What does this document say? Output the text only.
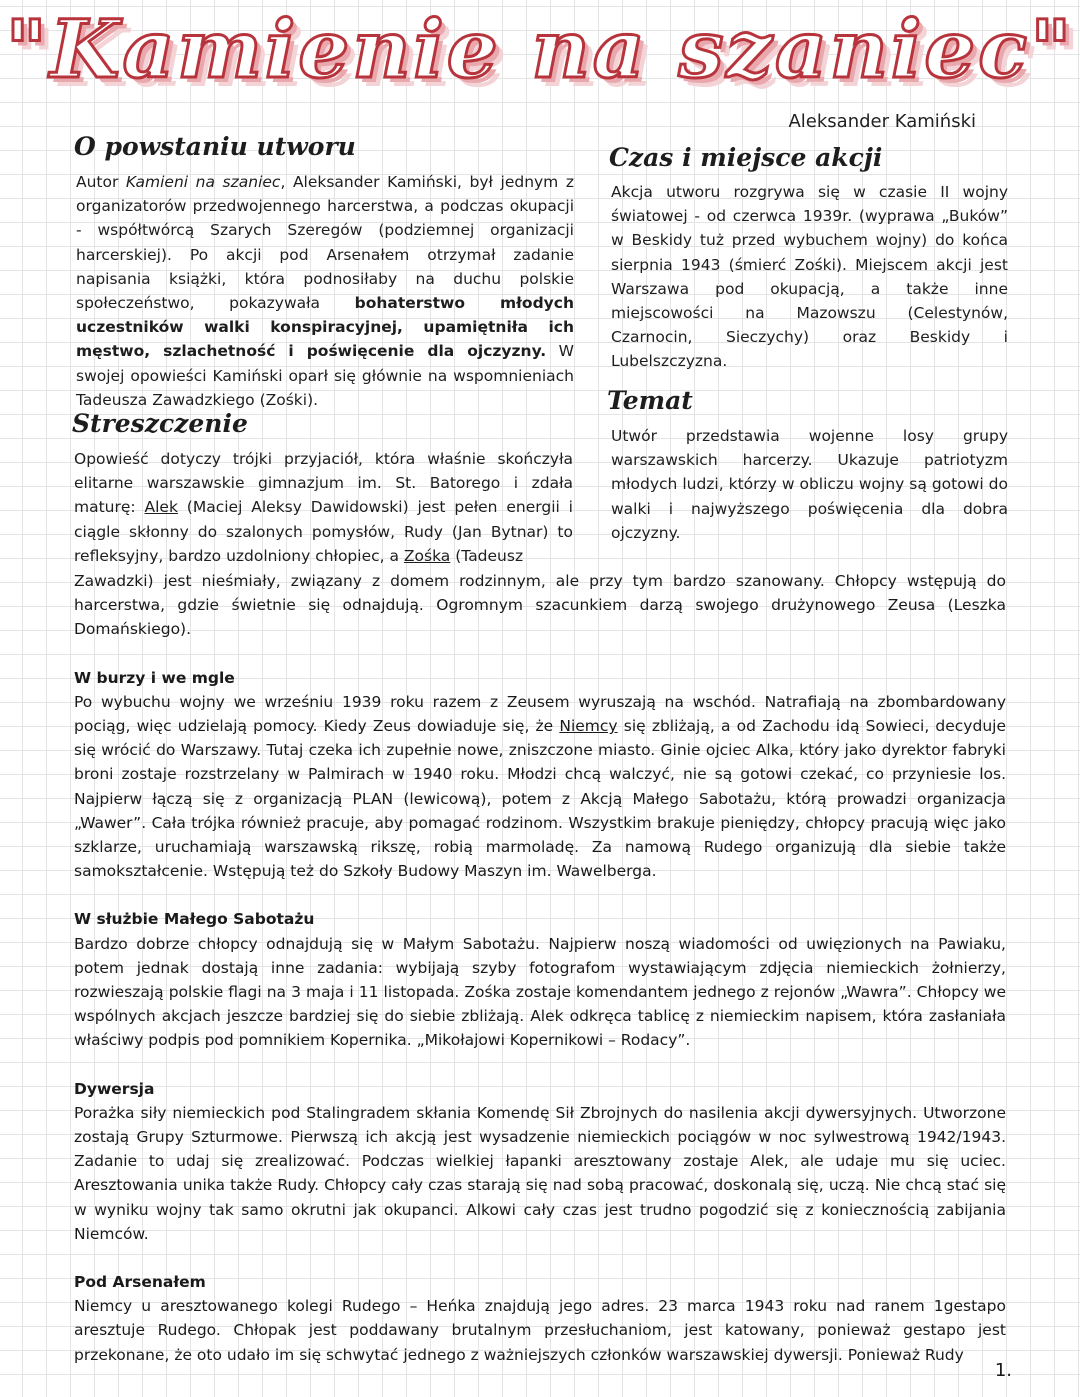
"Kamienie na szaniec"
Aleksander Kamiński
O powstaniu utworu

Autor Kamieni na szaniec, Aleksander Kamiński, był jednym z organizatorów przedwojennego harcerstwa, a podczas okupacji - współtwórcą Szarych Szeregów (podziemnej organizacji harcerskiej). Po akcji pod Arsenałem otrzymał zadanie napisania książki, która podnosiłaby na duchu polskie społeczeństwo, pokazywała bohaterstwo młodych uczestników walki konspiracyjnej, upamiętniła ich męstwo, szlachetność i poświęcenie dla ojczyzny. W swojej opowieści Kamiński oparł się głównie na wspomnieniach Tadeusza Zawadzkiego (Zośki).

Czas i miejsce akcji

Akcja utworu rozgrywa się w czasie II wojny światowej - od czerwca 1939r. (wyprawa „Buków” w Beskidy tuż przed wybuchem wojny) do końca sierpnia 1943 (śmierć Zośki). Miejscem akcji jest Warszawa pod okupacją, a także inne miejscowości na Mazowszu (Celestynów, Czarnocin, Sieczychy) oraz Beskidy i Lubelszczyzna.

Temat

Utwór przedstawia wojenne losy grupy warszawskich harcerzy. Ukazuje patriotyzm młodych ludzi, którzy w obliczu wojny są gotowi do walki i najwyższego poświęcenia dla dobra ojczyzny.

Streszczenie

Opowieść dotyczy trójki przyjaciół, która właśnie skończyła elitarne warszawskie gimnazjum im. St. Batorego i zdała maturę: Alek (Maciej Aleksy Dawidowski) jest pełen energii i ciągle skłonny do szalonych pomysłów, Rudy (Jan Bytnar) to refleksyjny, bardzo uzdolniony chłopiec, a Zośka (Tadeusz

Zawadzki) jest nieśmiały, związany z domem rodzinnym, ale przy tym bardzo szanowany. Chłopcy wstępują do harcerstwa, gdzie świetnie się odnajdują. Ogromnym szacunkiem darzą swojego drużynowego Zeusa (Leszka Domańskiego).

W burzy i we mgle

Po wybuchu wojny we wrześniu 1939 roku razem z Zeusem wyruszają na wschód. Natrafiają na zbombardowany pociąg, więc udzielają pomocy. Kiedy Zeus dowiaduje się, że Niemcy się zbliżają, a od Zachodu idą Sowieci, decyduje się wrócić do Warszawy. Tutaj czeka ich zupełnie nowe, zniszczone miasto. Ginie ojciec Alka, który jako dyrektor fabryki broni zostaje rozstrzelany w Palmirach w 1940 roku. Młodzi chcą walczyć, nie są gotowi czekać, co przyniesie los. Najpierw łączą się z organizacją PLAN (lewicową), potem z Akcją Małego Sabotażu, którą prowadzi organizacja „Wawer”. Cała trójka również pracuje, aby pomagać rodzinom. Wszystkim brakuje pieniędzy, chłopcy pracują więc jako szklarze, uruchamiają warszawską rikszę, robią marmoladę. Za namową Rudego organizują dla siebie także samokształcenie. Wstępują też do Szkoły Budowy Maszyn im. Wawelberga.

W służbie Małego Sabotażu

Bardzo dobrze chłopcy odnajdują się w Małym Sabotażu. Najpierw noszą wiadomości od uwięzionych na Pawiaku, potem jednak dostają inne zadania: wybijają szyby fotografom wystawiającym zdjęcia niemieckich żołnierzy, rozwieszają polskie flagi na 3 maja i 11 listopada. Zośka zostaje komendantem jednego z rejonów „Wawra”. Chłopcy we wspólnych akcjach jeszcze bardziej się do siebie zbliżają. Alek odkręca tablicę z niemieckim napisem, która zasłaniała właściwy podpis pod pomnikiem Kopernika. „Mikołajowi Kopernikowi – Rodacy”.

Dywersja

Porażka siły niemieckich pod Stalingradem skłania Komendę Sił Zbrojnych do nasilenia akcji dywersyjnych. Utworzone zostają Grupy Szturmowe. Pierwszą ich akcją jest wysadzenie niemieckich pociągów w noc sylwestrową 1942/1943. Zadanie to udaj się zrealizować. Podczas wielkiej łapanki aresztowany zostaje Alek, ale udaje mu się uciec. Aresztowania unika także Rudy. Chłopcy cały czas starają się nad sobą pracować, doskonalą się, uczą. Nie chcą stać się w wyniku wojny tak samo okrutni jak okupanci. Alkowi cały czas jest trudno pogodzić się z koniecznością zabijania Niemców.

Pod Arsenałem

Niemcy u aresztowanego kolegi Rudego – Heńka znajdują jego adres. 23 marca 1943 roku nad ranem 1gestapo aresztuje Rudego. Chłopak jest poddawany brutalnym przesłuchaniom, jest katowany, ponieważ gestapo jest przekonane, że oto udało im się schwytać jednego z ważniejszych członków warszawskiej dywersji. Ponieważ Rudy

1.
